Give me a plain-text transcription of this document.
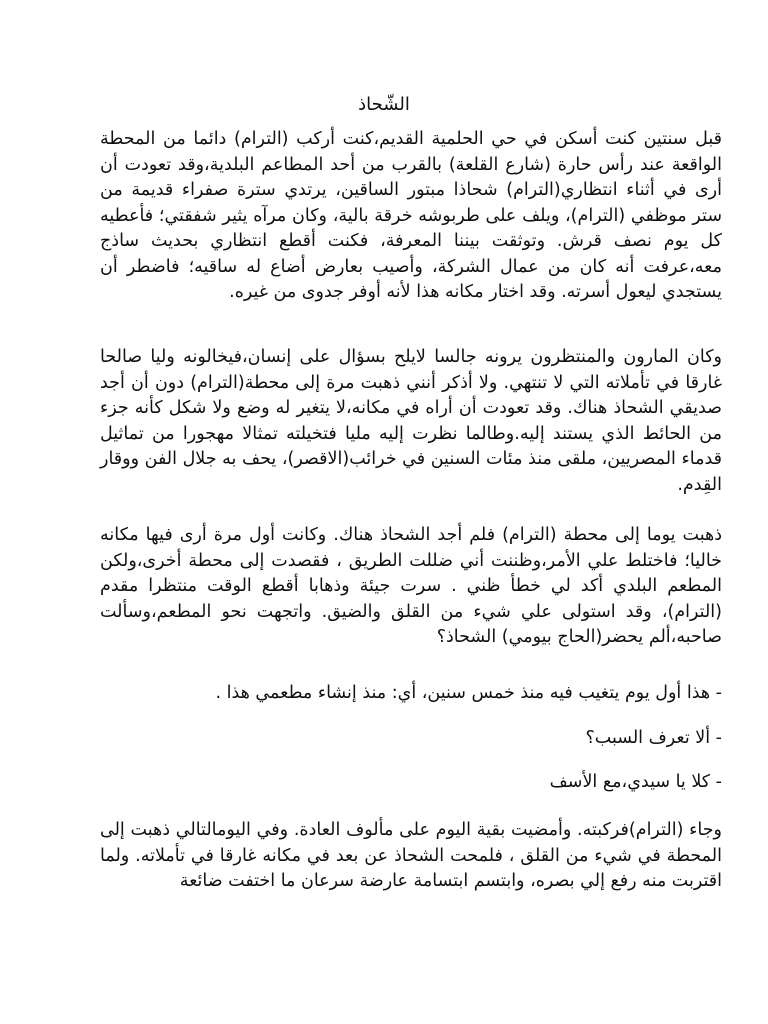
الشّحاذ

قبل سنتين كنت أسكن في حي الحلمية القديم،كنت أركب (الترام) دائما من المحطة الواقعة عند رأس حارة (شارع القلعة) بالقرب من أحد المطاعم البلدية،وقد تعودت أن أرى في أثناء انتظاري(الترام) شحاذا مبتور الساقين، يرتدي سترة صفراء قديمة من ستر موظفي (الترام)، ويلف على طربوشه خرقة بالية، وكان مرآه يثير شفقتي؛ فأعطيه كل يوم نصف قرش. وتوثقت بيننا المعرفة، فكنت أقطع انتظاري بحديث ساذج معه،عرفت أنه كان من عمال الشركة، وأصيب بعارض أضاع له ساقيه؛ فاضطر أن يستجدي ليعول أسرته. وقد اختار مكانه هذا لأنه أوفر جدوى من غيره.

وكان المارون والمنتظرون يرونه جالسا لايلح بسؤال على إنسان،فيخالونه وليا صالحا غارقا في تأملاته التي لا تنتهي. ولا أذكر أنني ذهبت مرة إلى محطة(الترام) دون أن أجد صديقي الشحاذ هناك. وقد تعودت أن أراه في مكانه،لا يتغير له وضع ولا شكل كأنه جزء من الحائط الذي يستند إليه.وطالما نظرت إليه مليا فتخيلته تمثالا مهجورا من تماثيل قدماء المصريين، ملقى منذ مئات السنين في خرائب(الاقصر)، يحف به جلال الفن ووقار القِدم.

ذهبت يوما إلى محطة (الترام) فلم أجد الشحاذ هناك. وكانت أول مرة أرى فيها مكانه خاليا؛ فاختلط علي الأمر،وظننت أني ضللت الطريق ، فقصدت إلى محطة أخرى،ولكن المطعم البلدي أكد لي خطأ ظني . سرت جيئة وذهابا أقطع الوقت منتظرا مقدم (الترام)، وقد استولى علي شيء من القلق والضيق. واتجهت نحو المطعم،وسألت صاحبه،ألم يحضر(الحاج بيومي) الشحاذ؟

- هذا أول يوم يتغيب فيه منذ خمس سنين، أي: منذ إنشاء مطعمي هذا .

- ألا تعرف السبب؟

- كلا يا سيدي،مع الأسف

وجاء (الترام)فركبته. وأمضيت بقية اليوم على مألوف العادة. وفي اليومالتالي ذهبت إلى المحطة في شيء من القلق ، فلمحت الشحاذ عن بعد في مكانه غارقا في تأملاته. ولما اقتربت منه رفع إلي بصره، وابتسم ابتسامة عارضة سرعان ما اختفت ضائعة
